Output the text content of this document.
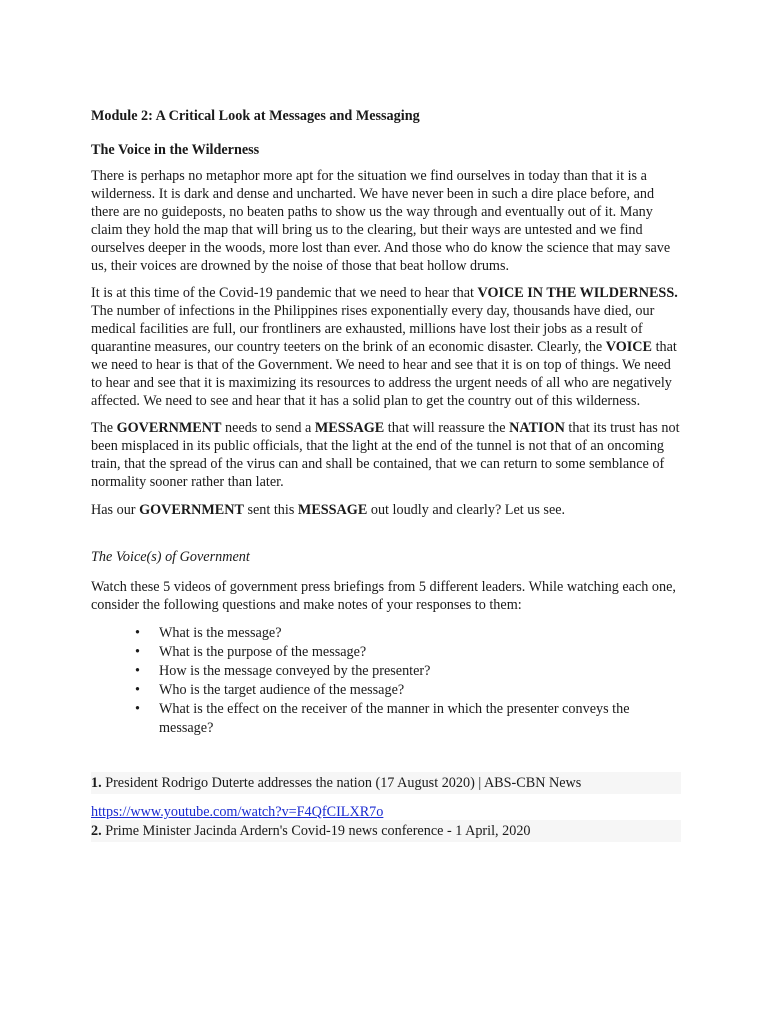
Module 2: A Critical Look at Messages and Messaging
The Voice in the Wilderness

There is perhaps no metaphor more apt for the situation we find ourselves in today than that it is a wilderness. It is dark and dense and uncharted. We have never been in such a dire place before, and there are no guideposts, no beaten paths to show us the way through and eventually out of it. Many claim they hold the map that will bring us to the clearing, but their ways are untested and we find ourselves deeper in the woods, more lost than ever. And those who do know the science that may save us, their voices are drowned by the noise of those that beat hollow drums.

It is at this time of the Covid-19 pandemic that we need to hear that VOICE IN THE WILDERNESS. The number of infections in the Philippines rises exponentially every day, thousands have died, our medical facilities are full, our frontliners are exhausted, millions have lost their jobs as a result of quarantine measures, our country teeters on the brink of an economic disaster. Clearly, the VOICE that we need to hear is that of the Government. We need to hear and see that it is on top of things. We need to hear and see that it is maximizing its resources to address the urgent needs of all who are negatively affected. We need to see and hear that it has a solid plan to get the country out of this wilderness.

The GOVERNMENT needs to send a MESSAGE that will reassure the NATION that its trust has not been misplaced in its public officials, that the light at the end of the tunnel is not that of an oncoming train, that the spread of the virus can and shall be contained, that we can return to some semblance of normality sooner rather than later.

Has our GOVERNMENT sent this MESSAGE out loudly and clearly? Let us see.

The Voice(s) of Government

Watch these 5 videos of government press briefings from 5 different leaders. While watching each one, consider the following questions and make notes of your responses to them:

• What is the message?
• What is the purpose of the message?
• How is the message conveyed by the presenter?
• Who is the target audience of the message?
• What is the effect on the receiver of the manner in which the presenter conveys the message?

1. President Rodrigo Duterte addresses the nation (17 August 2020) | ABS-CBN News

https://www.youtube.com/watch?v=F4QfCILXR7o

2. Prime Minister Jacinda Ardern's Covid-19 news conference - 1 April, 2020
